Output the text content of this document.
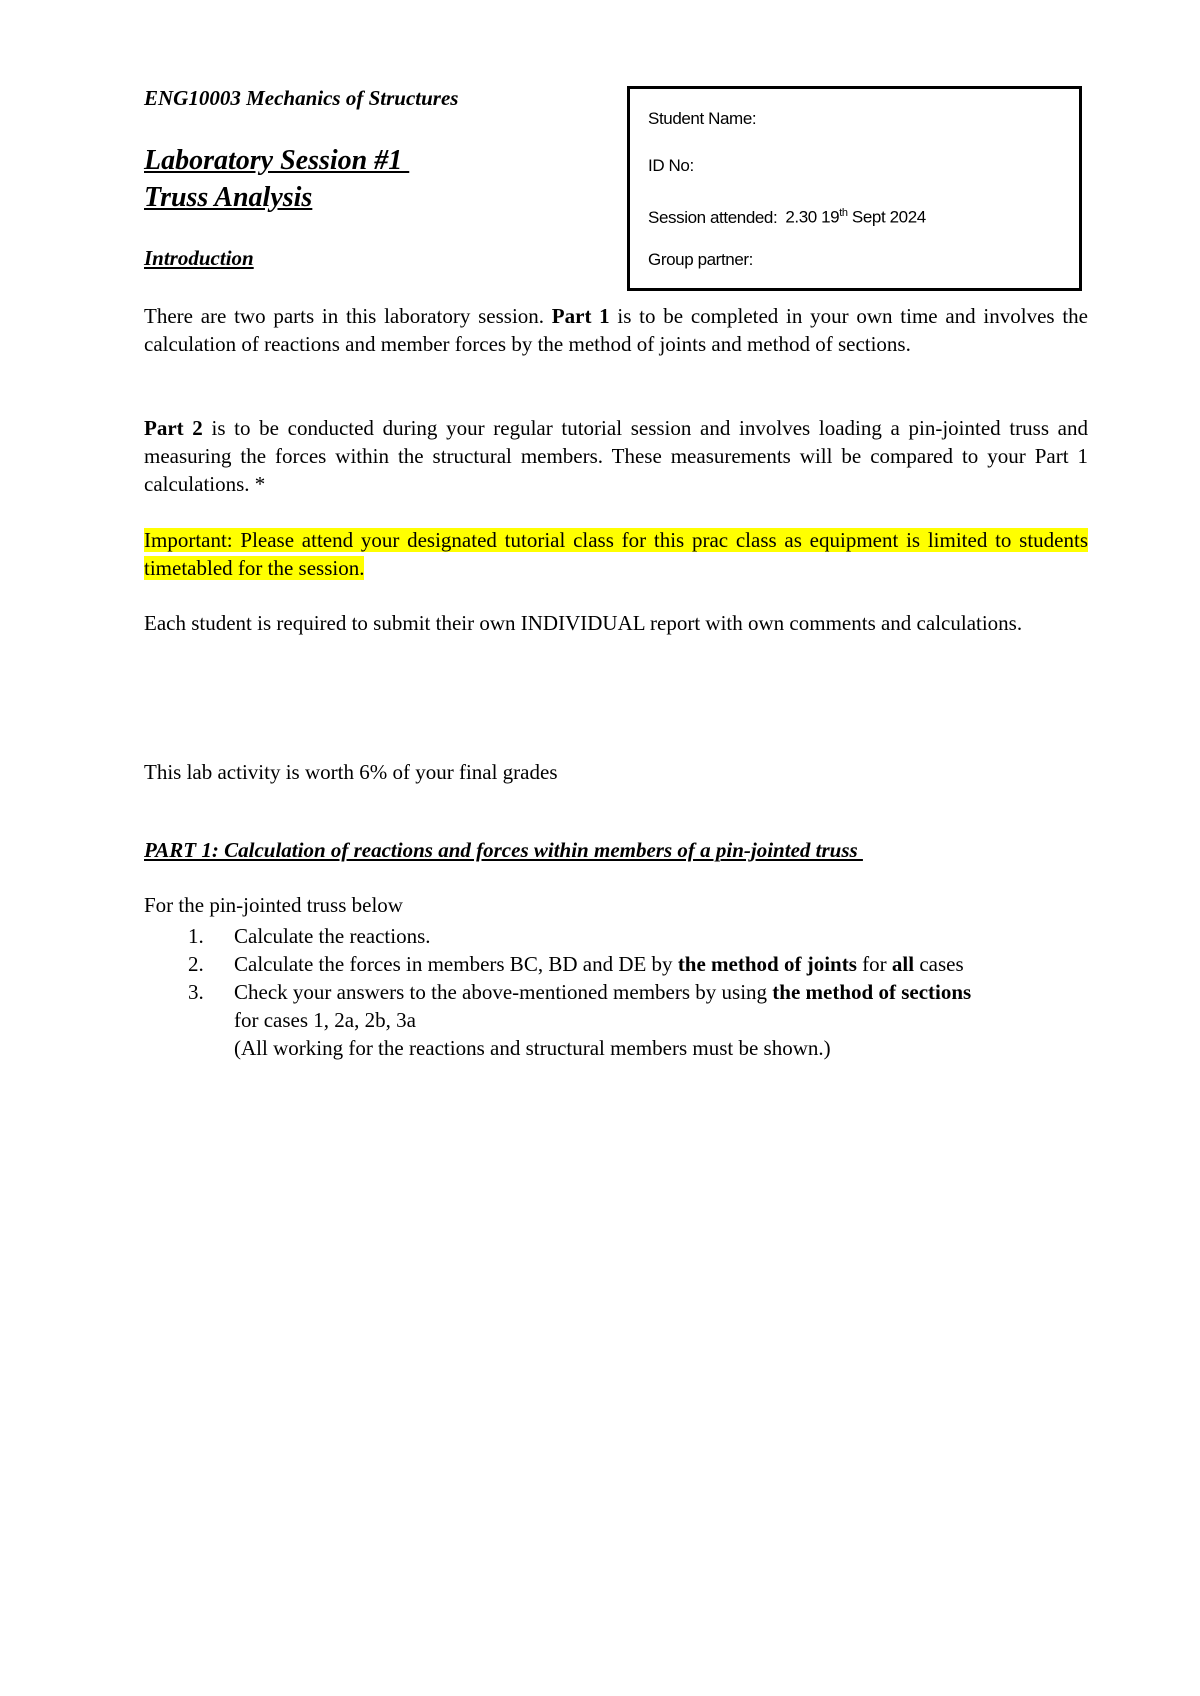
ENG10003 Mechanics of Structures
Laboratory Session #1
Truss Analysis
Introduction
Student Name:
ID No:
Session attended: 2.30 19th Sept 2024
Group partner:
There are two parts in this laboratory session. Part 1 is to be completed in your own time and involves the calculation of reactions and member forces by the method of joints and method of sections.
Part 2 is to be conducted during your regular tutorial session and involves loading a pin-jointed truss and measuring the forces within the structural members. These measurements will be compared to your Part 1 calculations. *
Important: Please attend your designated tutorial class for this prac class as equipment is limited to students timetabled for the session.
Each student is required to submit their own INDIVIDUAL report with own comments and calculations.
This lab activity is worth 6% of your final grades
PART 1: Calculation of reactions and forces within members of a pin-jointed truss
For the pin-jointed truss below
1. Calculate the reactions.
2. Calculate the forces in members BC, BD and DE by the method of joints for all cases
3. Check your answers to the above-mentioned members by using the method of sections
for cases 1, 2a, 2b, 3a
(All working for the reactions and structural members must be shown.)
